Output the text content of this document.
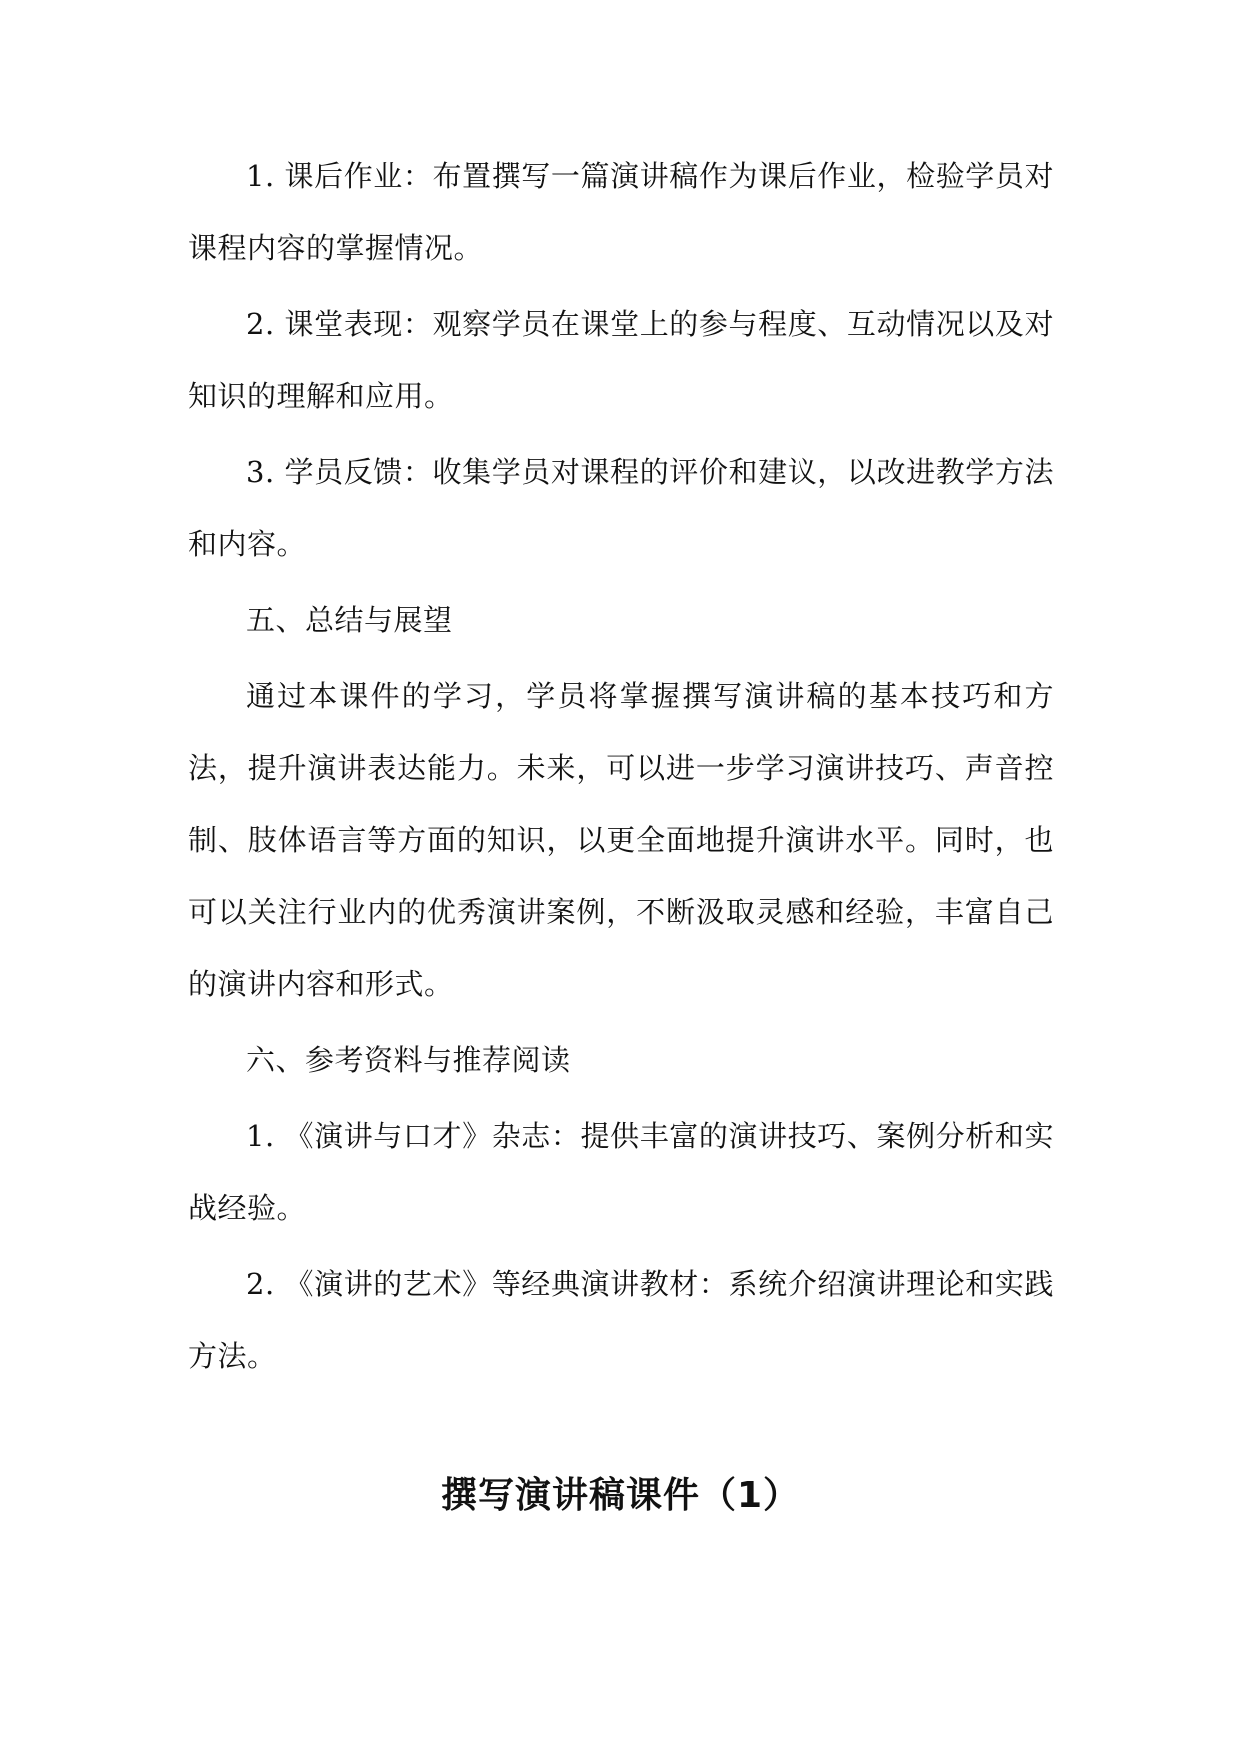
1. 课后作业：布置撰写一篇演讲稿作为课后作业，检验学员对课程内容的掌握情况。

2. 课堂表现：观察学员在课堂上的参与程度、互动情况以及对知识的理解和应用。

3. 学员反馈：收集学员对课程的评价和建议，以改进教学方法和内容。

五、总结与展望

通过本课件的学习，学员将掌握撰写演讲稿的基本技巧和方法，提升演讲表达能力。未来，可以进一步学习演讲技巧、声音控制、肢体语言等方面的知识，以更全面地提升演讲水平。同时，也可以关注行业内的优秀演讲案例，不断汲取灵感和经验，丰富自己的演讲内容和形式。

六、参考资料与推荐阅读

1. 《演讲与口才》杂志：提供丰富的演讲技巧、案例分析和实战经验。

2. 《演讲的艺术》等经典演讲教材：系统介绍演讲理论和实践方法。

撰写演讲稿课件（1）
